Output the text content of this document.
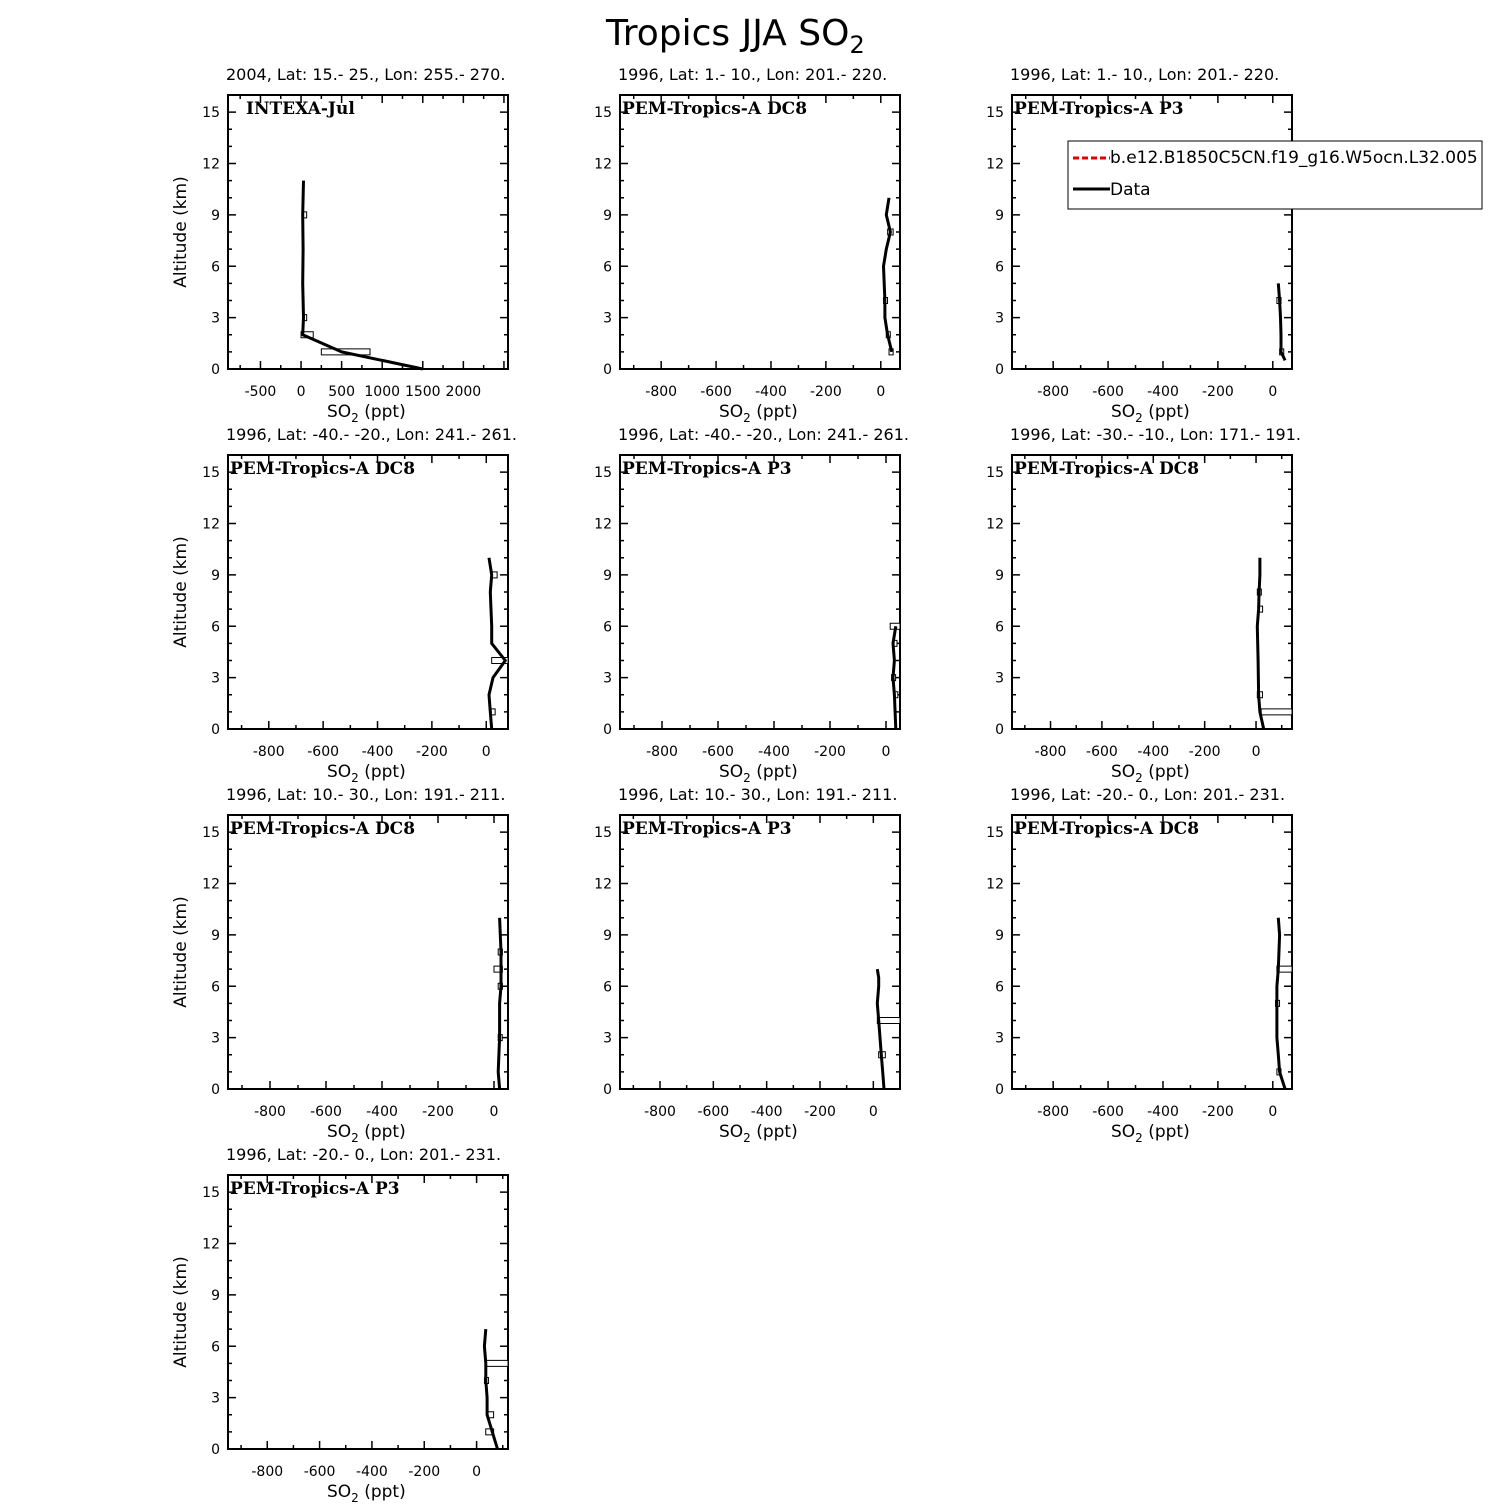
Tropics JJA $SO_2$
2004, Lat: 15.- 25., Lon: 255.- 270.
INTEXA-Jul
0
3
6
9
12
15
-500 0 500 1000 1500 2000
$SO_2$ (ppt)
Altitude (km)
1996, Lat: 1.- 10., Lon: 201.- 220.
PEM-Tropics-A DC8
0
3
6
9
12
15
-800 -600 -400 -200 0
$SO_2$ (ppt)
1996, Lat: 1.- 10., Lon: 201.- 220.
PEM-Tropics-A P3
0
3
6
9
12
15
-800 -600 -400 -200 0
$SO_2$ (ppt)
1996, Lat: -40.- -20., Lon: 241.- 261.
PEM-Tropics-A DC8
0
3
6
9
12
15
-800 -600 -400 -200 0
$SO_2$ (ppt)
Altitude (km)
1996, Lat: -40.- -20., Lon: 241.- 261.
PEM-Tropics-A P3
0
3
6
9
12
15
-800 -600 -400 -200	0
$SO_2$ (ppt)
1996, Lat: -30.- -10., Lon: 171.- 191.
PEM-Tropics-A DC8
0
3
6
9
12
15
-800 -600 -400 -200 0
$SO_2$ (ppt)
1996, Lat: 10.- 30., Lon: 191.- 211.
PEM-Tropics-A DC8
0
3
6
9
12
15
-800 -600 -400 -200	0
$SO_2$ (ppt)
Altitude (km)
1996, Lat: 10.- 30., Lon: 191.- 211.
PEM-Tropics-A P3
0
3
6
9
12
15
-800 -600 -400 -200 0
$SO_2$ (ppt)
1996, Lat: -20.- 0., Lon: 201.- 231.
PEM-Tropics-A DC8
0
3
6
9
12
15
-800 -600 -400 -200 0
$SO_2$ (ppt)
1996, Lat: -20.- 0., Lon: 201.- 231.
PEM-Tropics-A P3
0
3
6
9
12
15
-800 -600 -400 -200 0
$SO_2$ (ppt)
Altitude (km)
b.e12.B1850C5CN.f19_g16.W5ocn.L32.005
Data
